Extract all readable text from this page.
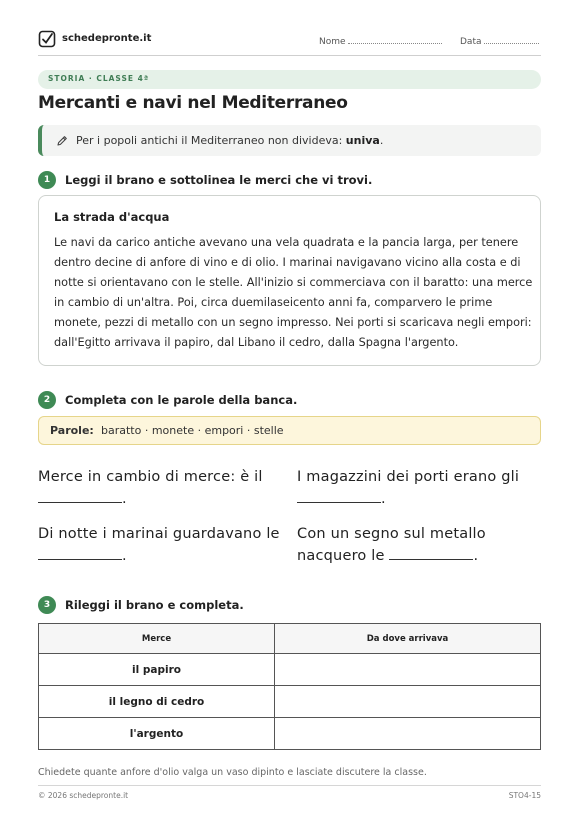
schedepronte.it	Nome	Data
STORIA · CLASSE 4ª
Mercanti e navi nel Mediterraneo
Per i popoli antichi il Mediterraneo non divideva: univa.
1	Leggi il brano e sottolinea le merci che vi trovi.
La strada d'acqua
Le navi da carico antiche avevano una vela quadrata e la pancia larga, per tenere dentro decine di anfore di vino e di olio. I marinai navigavano vicino alla costa e di notte si orientavano con le stelle. All'inizio si commerciava con il baratto: una merce in cambio di un'altra. Poi, circa duemilaseicento anni fa, comparvero le prime monete, pezzi di metallo con un segno impresso. Nei porti si scaricava negli empori: dall'Egitto arrivava il papiro, dal Libano il cedro, dalla Spagna l'argento.
2	Completa con le parole della banca.
Parole: baratto · monete · empori · stelle
Merce in cambio di merce: è il
.
I magazzini dei porti erano gli
.
Di notte i marinai guardavano le
.
Con un segno sul metallo nacquero le	.
3	Rileggi il brano e completa.
Merce	Da dove arrivava
il papiro	
il legno di cedro	
l'argento	
Chiedete quante anfore d'olio valga un vaso dipinto e lasciate discutere la classe.
© 2026 schedepronte.it	STO4-15
